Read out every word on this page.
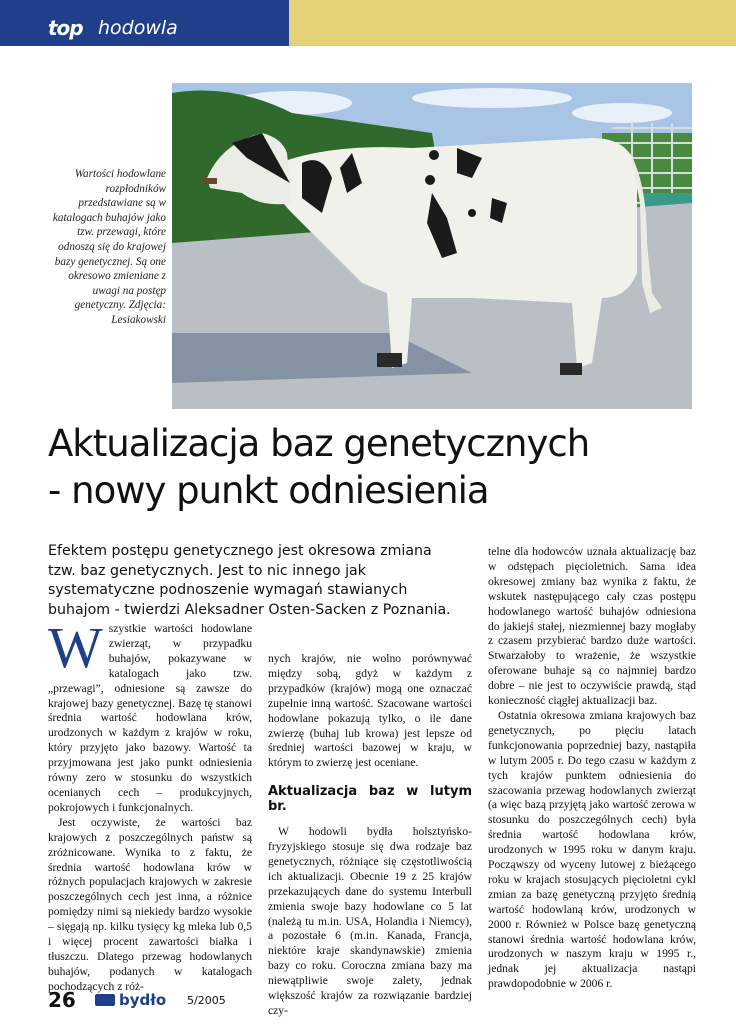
top hodowla
Wartości hodowlane rozpłodników przedstawiane są w katalogach buhajów jako tzw. przewagi, które odnoszą się do krajowej bazy genetycznej. Są one okresowo zmieniane z uwagi na postęp genetyczny. Zdjęcia: Lesiakowski
Aktualizacja baz genetycznych
- nowy punkt odniesienia

Efektem postępu genetycznego jest okresowa zmiana tzw. baz genetycznych. Jest to nic innego jak systematyczne podnoszenie wymagań stawianych buhajom - twierdzi Aleksadner Osten-Sacken z Poznania.

W szystkie wartości hodowlane zwierząt, w przypadku buhajów, pokazywane w katalogach jako tzw. „przewagi”, odniesione są zawsze do krajowej bazy genetycznej. Bazę tę stanowi średnia wartość hodowlana krów, urodzonych w każdym z krajów w roku, który przyjęto jako bazowy. Wartość ta przyjmowana jest jako punkt odniesienia równy zero w stosunku do wszystkich ocenianych cech – produkcyjnych, pokrojowych i funkcjonalnych.

Jest oczywiste, że wartości baz krajowych z poszczególnych państw są zróżnicowane. Wynika to z faktu, że średnia wartość hodowlana krów w różnych populacjach krajowych w zakresie poszczególnych cech jest inna, a różnice pomiędzy nimi są niekiedy bardzo wysokie – sięgają np. kilku tysięcy kg mleka lub 0,5 i więcej procent zawartości białka i tłuszczu. Dlatego przewag hodowlanych buhajów, podanych w katalogach pochodzących z róż-

nych krajów, nie wolno porównywać między sobą, gdyż w każdym z przypadków (krajów) mogą one oznaczać zupełnie inną wartość. Szacowane wartości hodowlane pokazują tylko, o ile dane zwierzę (buhaj lub krowa) jest lepsze od średniej wartości bazowej w kraju, w którym to zwierzę jest oceniane.

Aktualizacja baz w lutym br.

W hodowli bydła holsztyńsko-fryzyjskiego stosuje się dwa rodzaje baz genetycznych, różniące się częstotliwością ich aktualizacji. Obecnie 19 z 25 krajów przekazujących dane do systemu Interbull zmienia swoje bazy hodowlane co 5 lat (należą tu m.in. USA, Holandia i Niemcy), a pozostałe 6 (m.in. Kanada, Francja, niektóre kraje skandynawskie) zmienia bazy co roku. Coroczna zmiana bazy ma niewątpliwie swoje zalety, jednak większość krajów za rozwiązanie bardziej czy-

telne dla hodowców uznała aktualizację baz w odstępach pięcioletnich. Sama idea okresowej zmiany baz wynika z faktu, że wskutek następującego cały czas postępu hodowlanego wartość buhajów odniesiona do jakiejś stałej, niezmiennej bazy mogłaby z czasem przybierać bardzo duże wartości. Stwarzałoby to wrażenie, że wszystkie oferowane buhaje są co najmniej bardzo dobre – nie jest to oczywiście prawdą, stąd konieczność ciągłej aktualizacji baz.

Ostatnia okresowa zmiana krajowych baz genetycznych, po pięciu latach funkcjonowania poprzedniej bazy, nastąpiła w lutym 2005 r. Do tego czasu w każdym z tych krajów punktem odniesienia do szacowania przewag hodowlanych zwierząt (a więc bazą przyjętą jako wartość zerowa w stosunku do poszczególnych cech) była średnia wartość hodowlana krów, urodzonych w 1995 roku w danym kraju. Począwszy od wyceny lutowej z bieżącego roku w krajach stosujących pięcioletni cykl zmian za bazę genetyczną przyjęto średnią wartość hodowlaną krów, urodzonych w 2000 r. Również w Polsce bazę genetyczną stanowi średnia wartość hodowlana krów, urodzonych w naszym kraju w 1995 r., jednak jej aktualizacja nastąpi prawdopodobnie w 2006 r.

26	bydło 5/2005
